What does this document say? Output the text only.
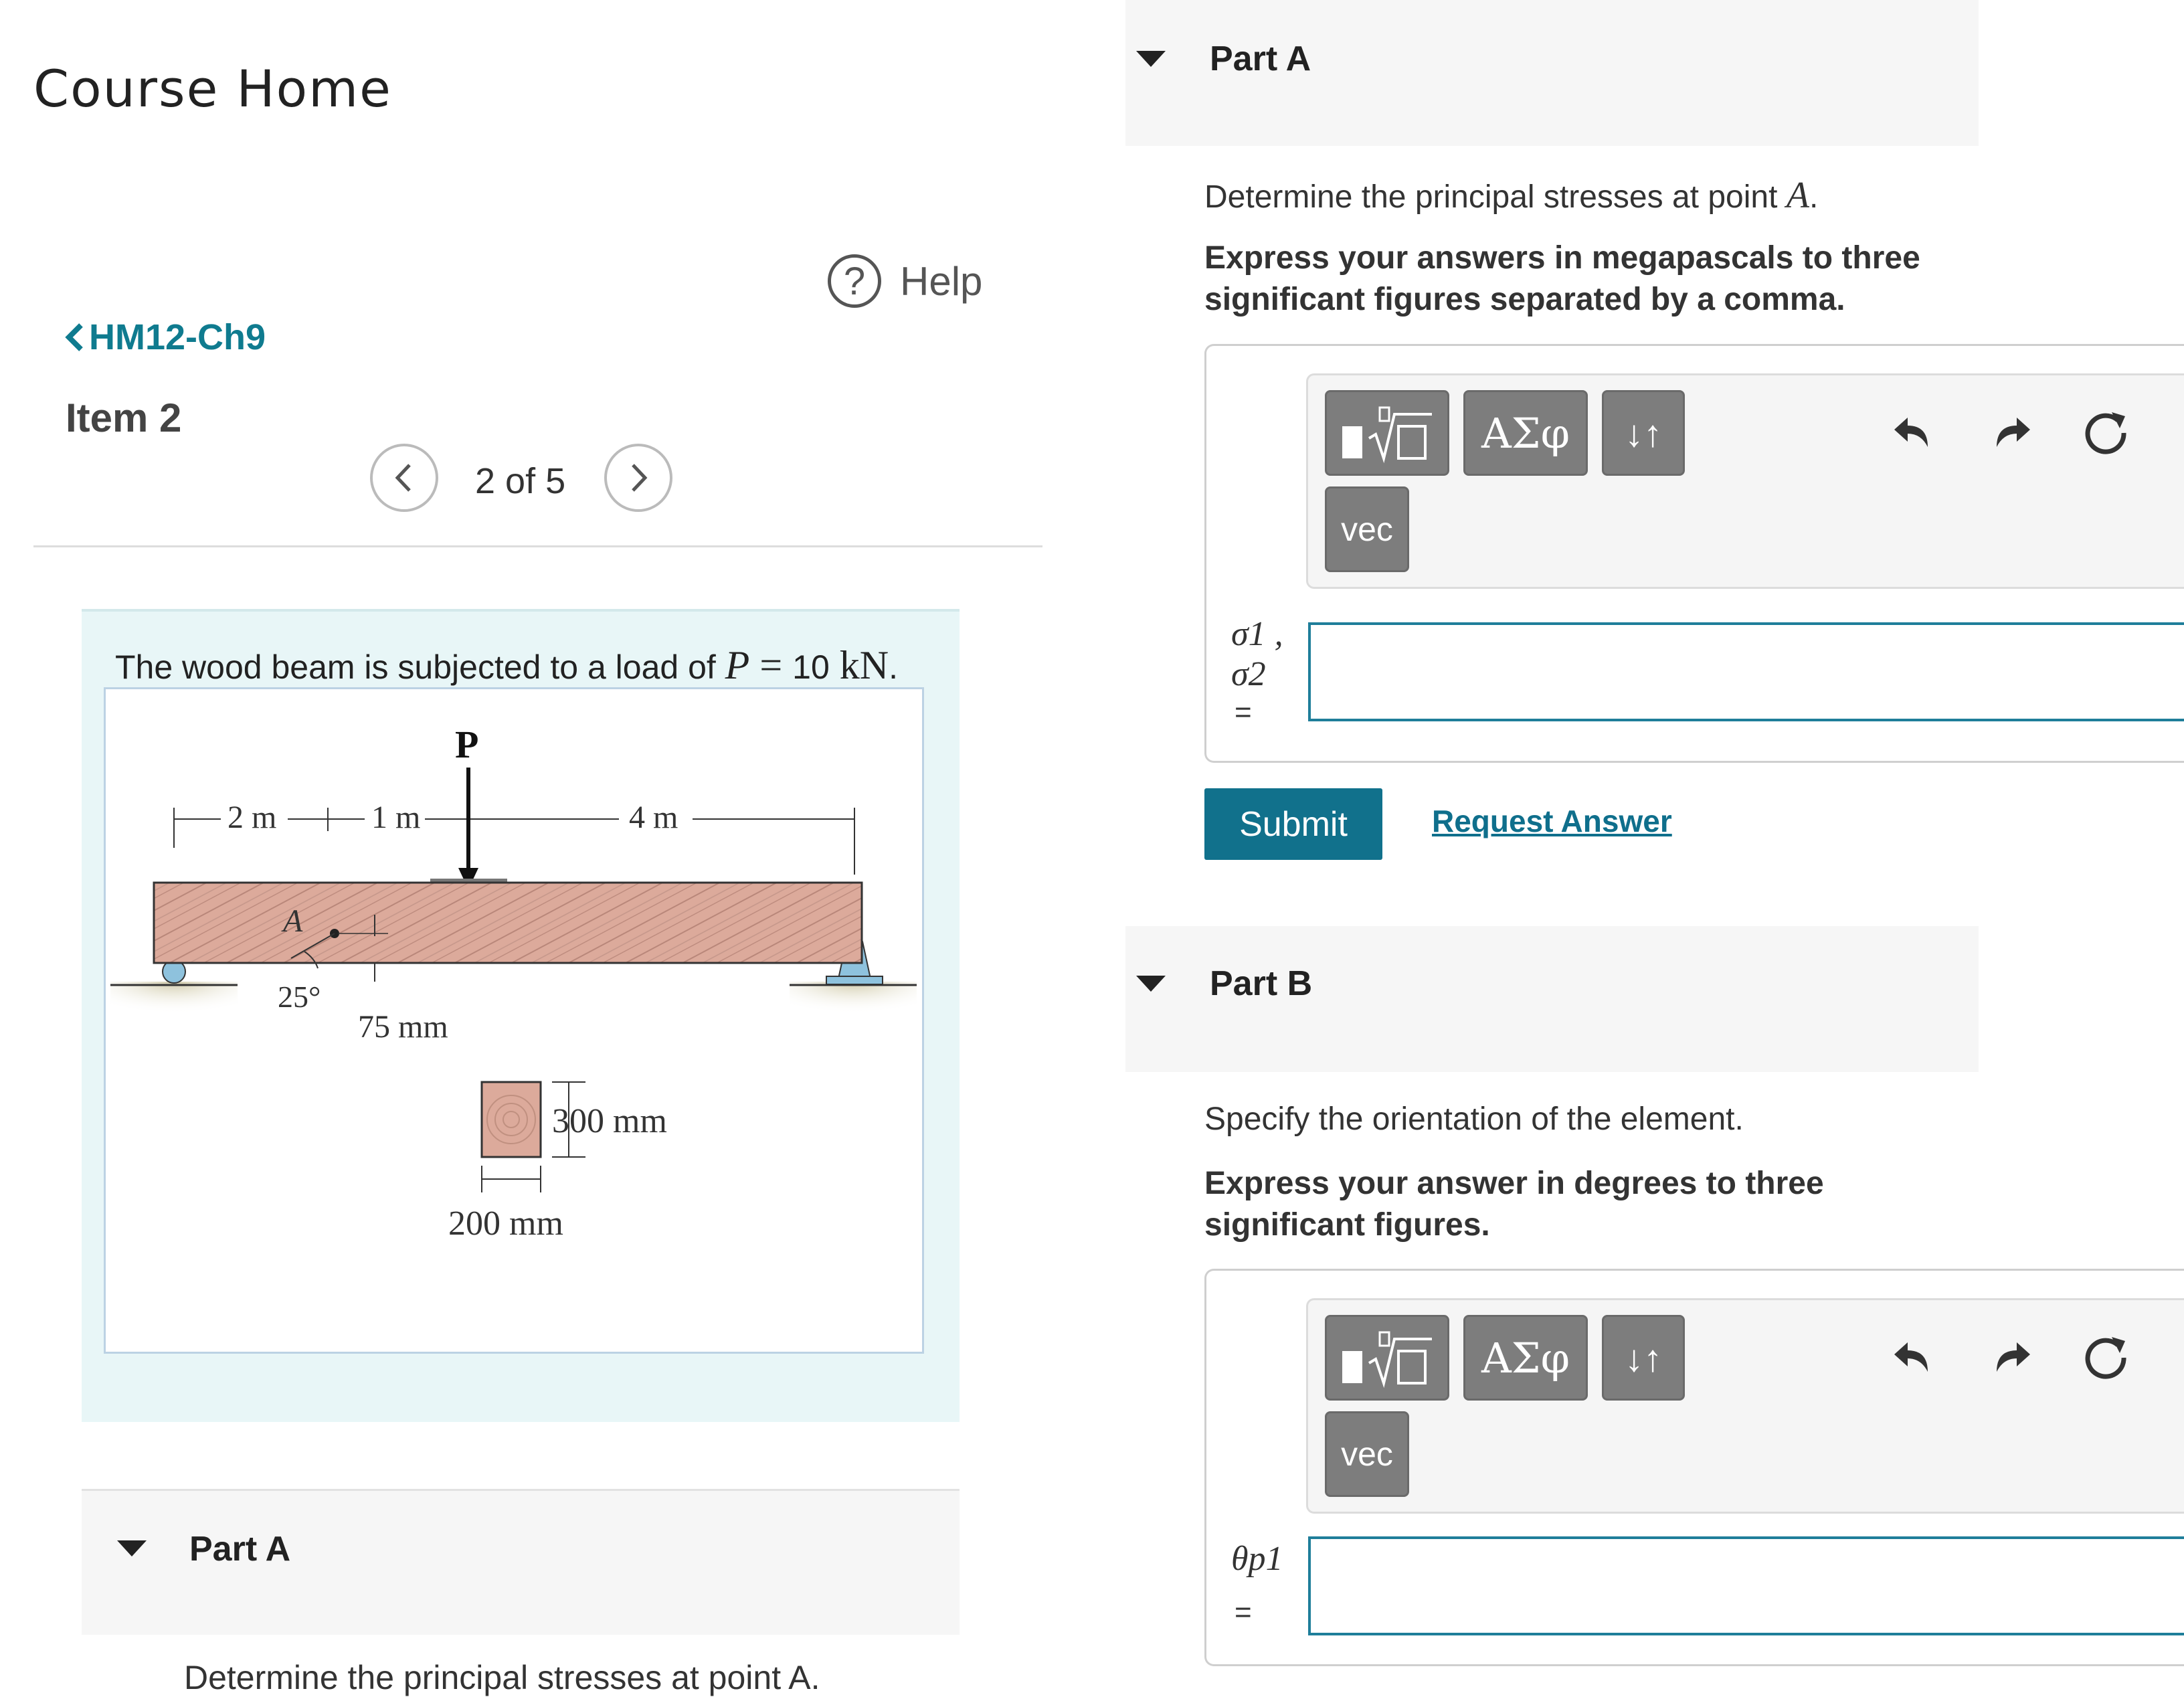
Course Home
? Help
HM12-Ch9
Item 2
2 of 5
The wood beam is subjected to a load of P = 10 kN.
2 m	1 m	4 m
P
A
25°
75 mm
300 mm
200 mm
Part A
Determine the principal stresses at point A.
Part A
Determine the principal stresses at point A.
Express your answers in megapascals to three significant figures separated by a comma.
ΑΣφ	↓↑
vec
σ1 ,
σ2
=
Submit	Request Answer
Part B
Specify the orientation of the element.
Express your answer in degrees to three significant figures.
ΑΣφ	↓↑
vec
θp1
=
